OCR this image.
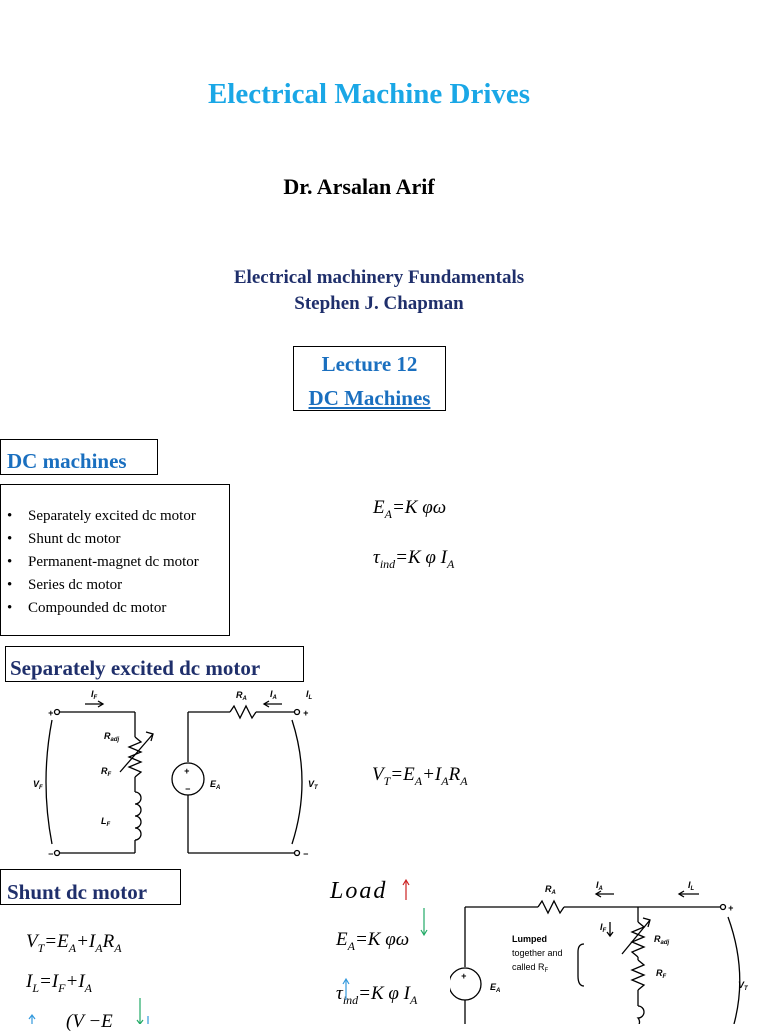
Electrical Machine Drives
Dr. Arsalan Arif
Electrical machinery Fundamentals
Stephen J. Chapman
Lecture 12
DC Machines
DC machines
• Separately excited dc motor
• Shunt dc motor
• Permanent-magnet dc motor
• Series dc motor
• Compounded dc motor
$E_A=K$ φω
$\tau_{ind}=K$ φ $I_A$
Separately excited dc motor
+
−
$I_F$
$R_{adj}$
$R_F$
$L_F$
$V_F$
$R_A$	$I_A$	$I_L$
+
−
+
− $E_A$	$V_T$
$V_T=E_A+I_AR_A$
Shunt dc motor
$V_T=E_A+I_AR_A$
$I_L=I_F+I_A$
(V −E
Load
$E_A=K$ φω
$\tau_{ind}=K$ φ $I_A$
$R_A$
$I_A$	$I_L$
+
$I_F$
$R_{adj}$
$R_F$
+
$E_A$
$V_T$
Lumped
together and
called $R_F$
